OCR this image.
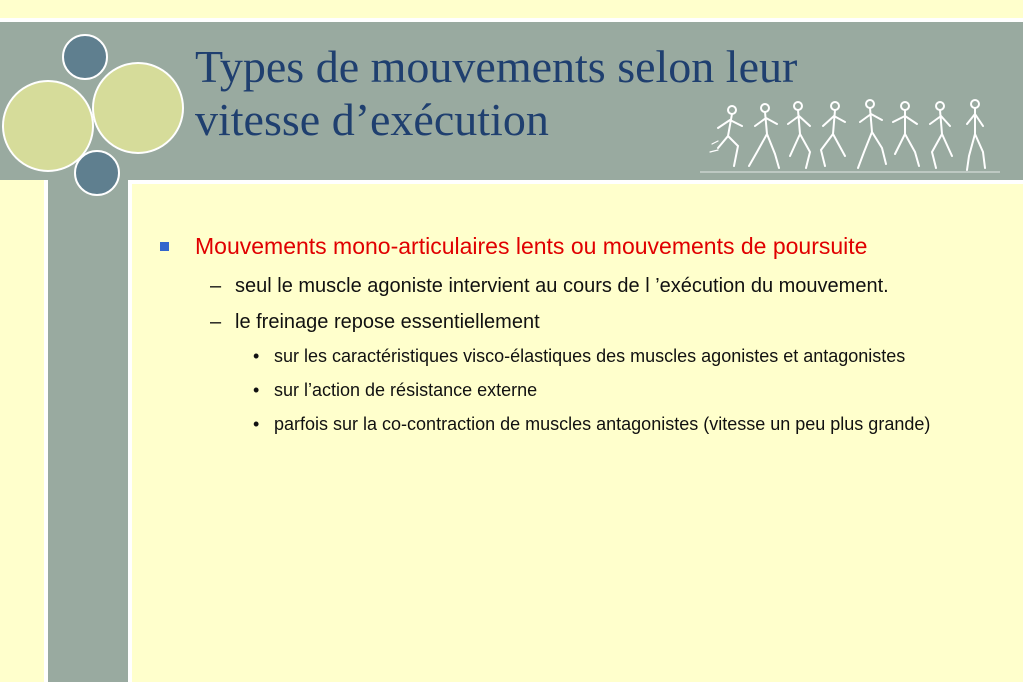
Types de mouvements selon leur
vitesse d’exécution
Mouvements mono-articulaires lents ou mouvements de poursuite
– seul le muscle agoniste intervient au cours de l ’exécution du mouvement.
– le freinage repose essentiellement
• sur les caractéristiques visco-élastiques des muscles agonistes et antagonistes
• sur l’action de résistance externe
• parfois sur la co-contraction de muscles antagonistes (vitesse un peu plus grande)
